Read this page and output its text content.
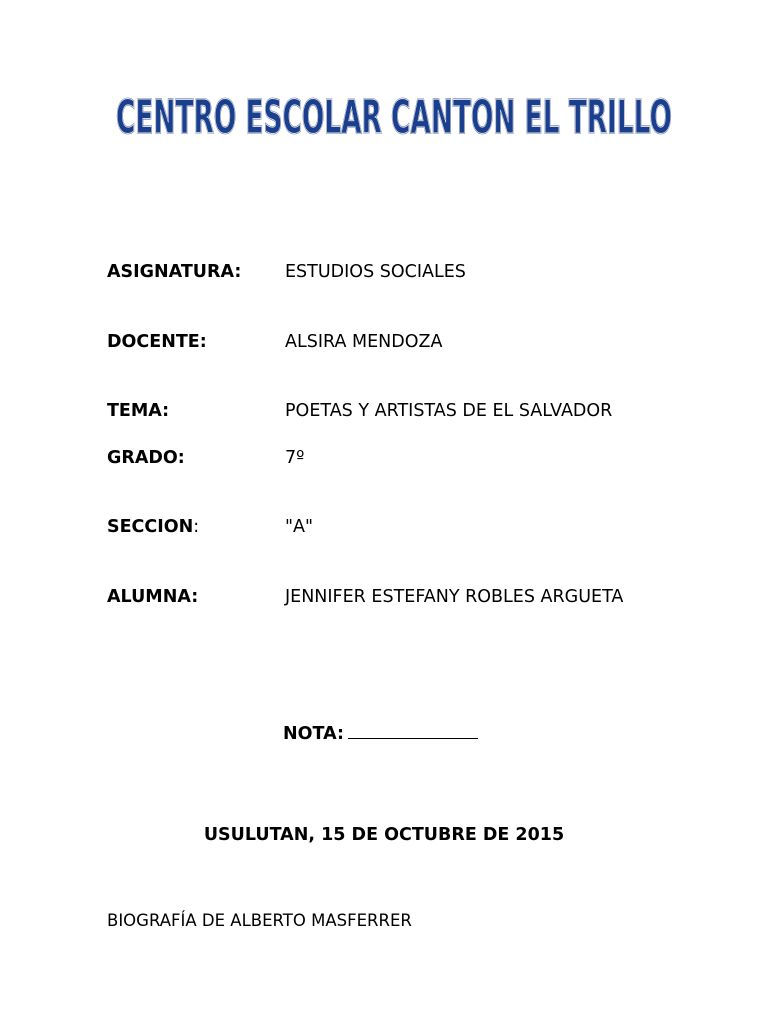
CENTRO ESCOLAR CANTON EL TRILLO
CENTRO ESCOLAR CANTON EL TRILLO
ASIGNATURA: ESTUDIOS SOCIALES
DOCENTE:	ALSIRA MENDOZA
TEMA:	POETAS Y ARTISTAS DE EL SALVADOR
GRADO:	7º
SECCION:	"A"
ALUMNA:	JENNIFER ESTEFANY ROBLES ARGUETA
NOTA:
USULUTAN, 15 DE OCTUBRE DE 2015
BIOGRAFÍA DE ALBERTO MASFERRER
